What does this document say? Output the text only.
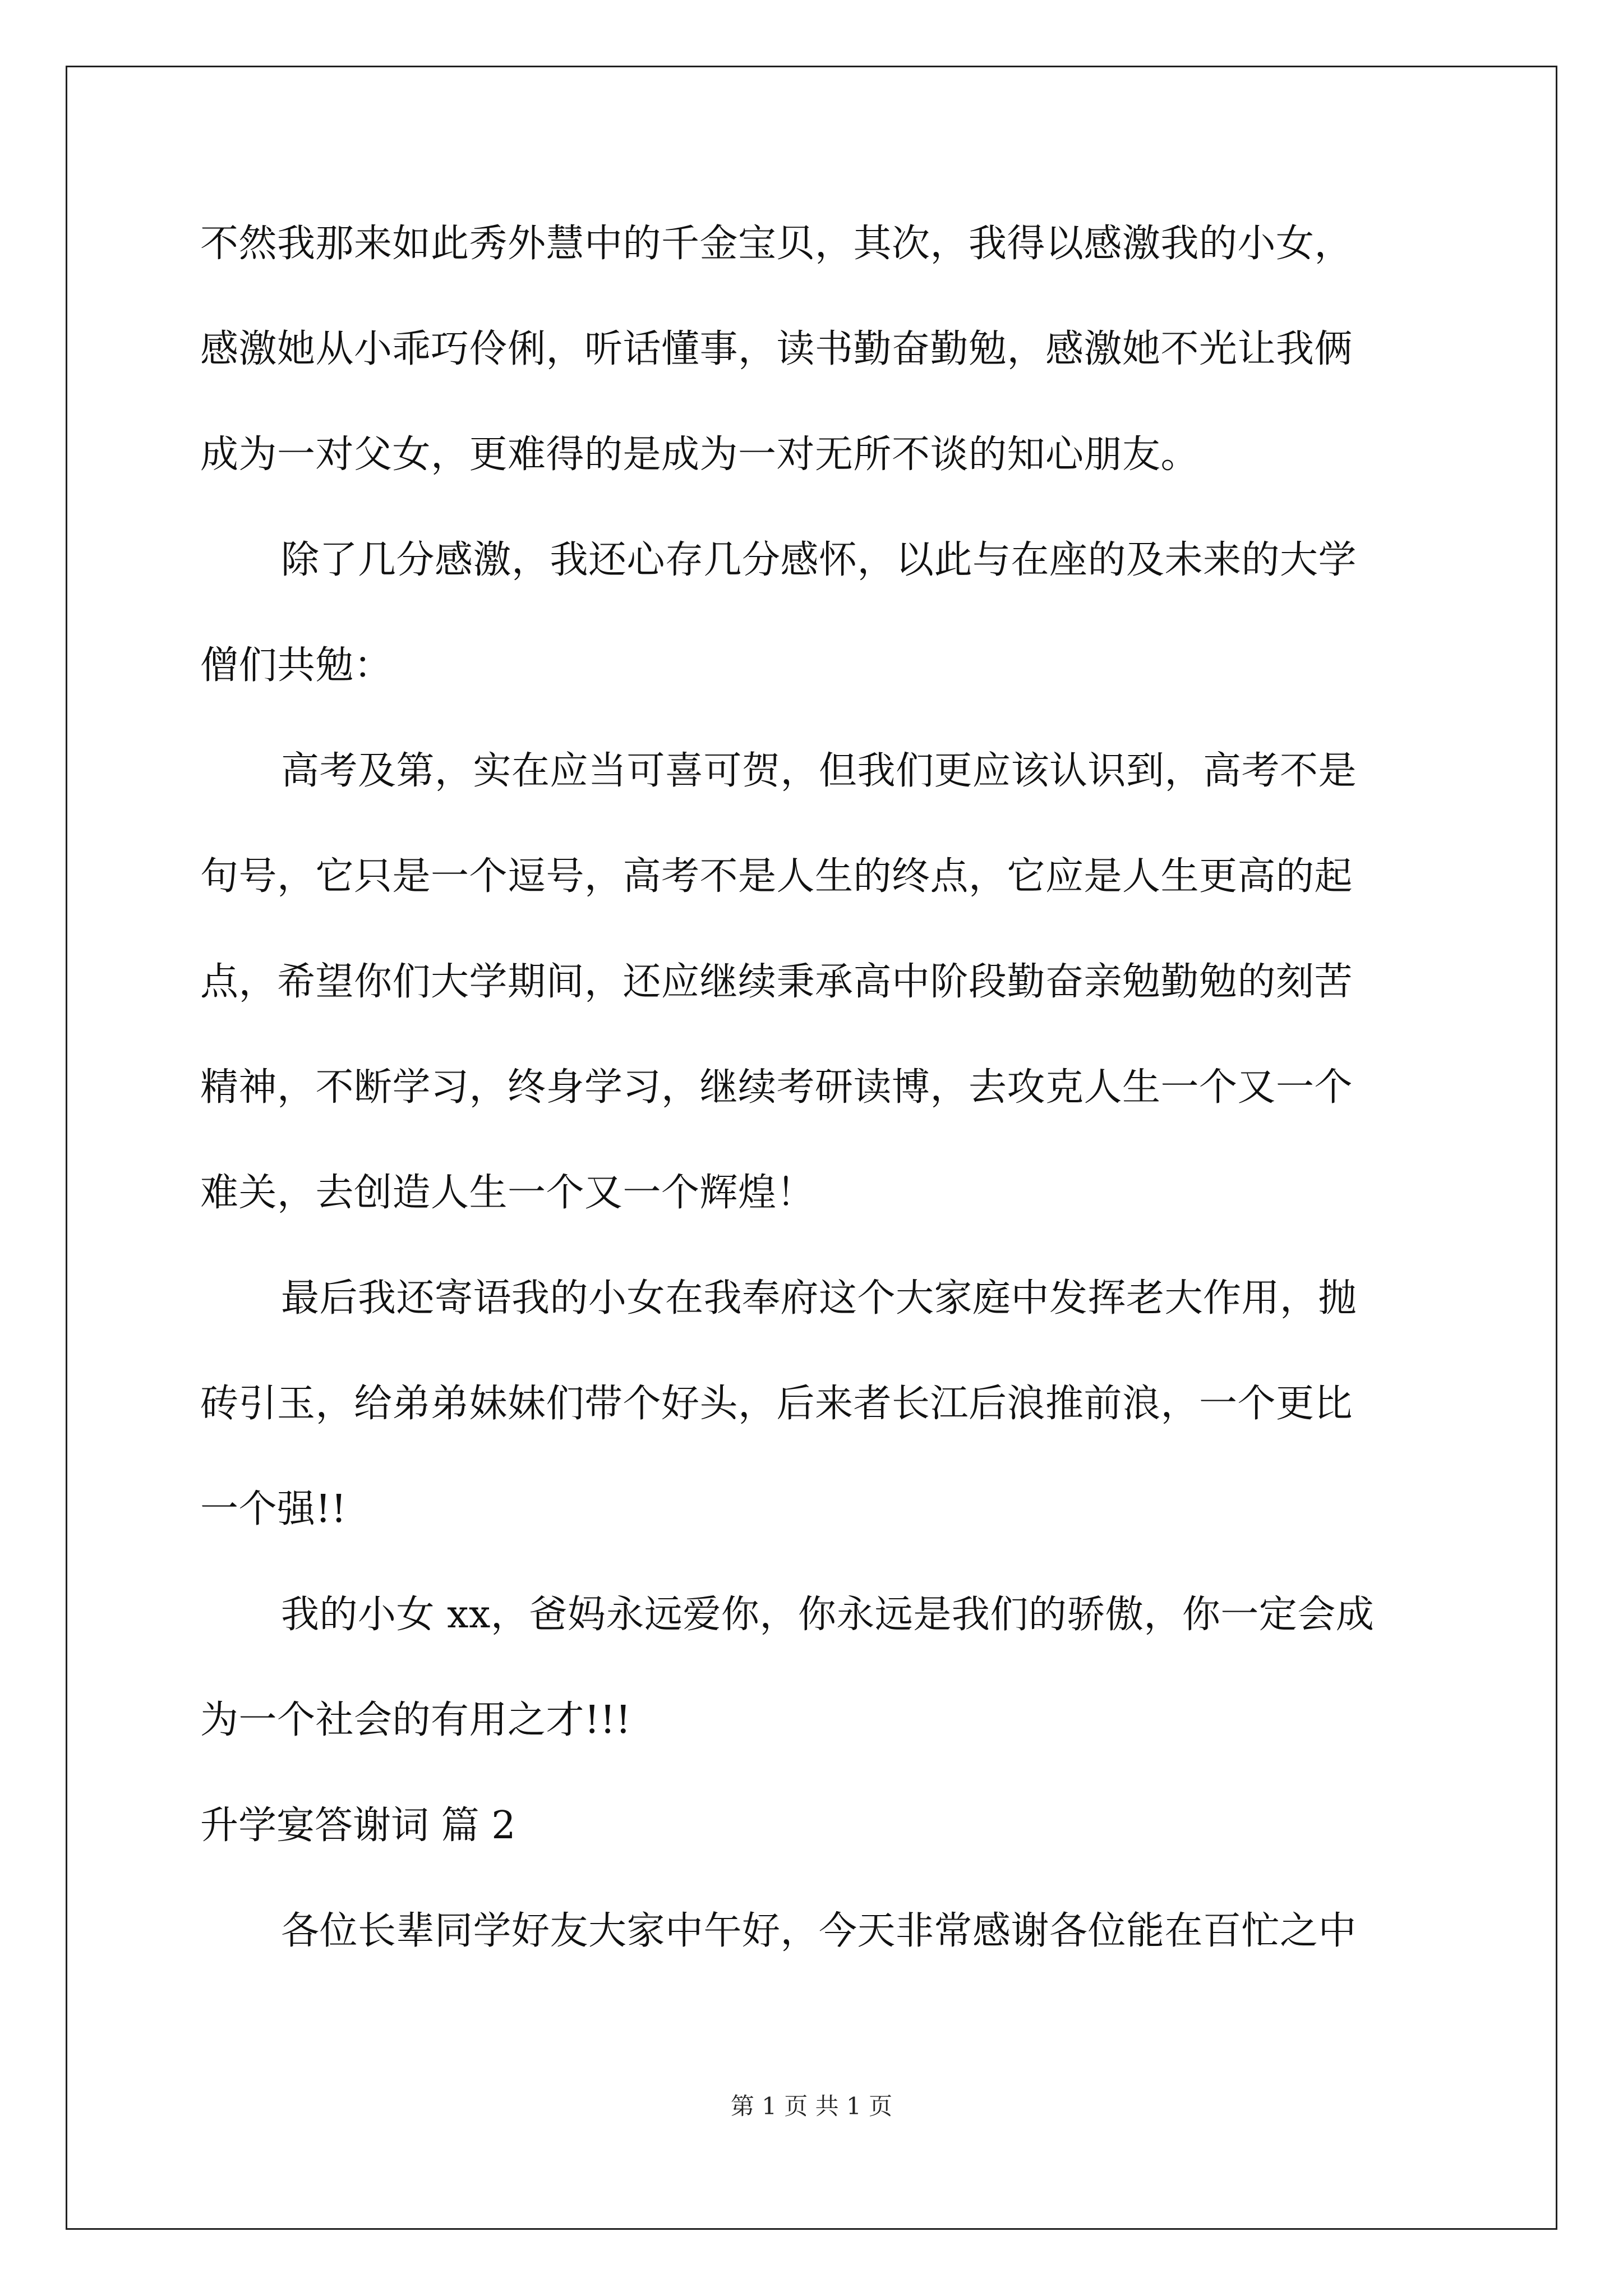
不然我那来如此秀外慧中的千金宝贝，其次，我得以感激我的小女，
感激她从小乖巧伶俐，听话懂事，读书勤奋勤勉，感激她不光让我俩
成为一对父女，更难得的是成为一对无所不谈的知心朋友。
除了几分感激，我还心存几分感怀，以此与在座的及未来的大学
僧们共勉：
高考及第，实在应当可喜可贺，但我们更应该认识到，高考不是
句号，它只是一个逗号，高考不是人生的终点，它应是人生更高的起
点，希望你们大学期间，还应继续秉承高中阶段勤奋亲勉勤勉的刻苦
精神，不断学习，终身学习，继续考研读博，去攻克人生一个又一个
难关，去创造人生一个又一个辉煌！
最后我还寄语我的小女在我奉府这个大家庭中发挥老大作用，抛
砖引玉，给弟弟妹妹们带个好头，后来者长江后浪推前浪，一个更比
一个强!!
我的小女 xx，爸妈永远爱你，你永远是我们的骄傲，你一定会成
为一个社会的有用之才!!!
升学宴答谢词 篇 2
各位长辈同学好友大家中午好，今天非常感谢各位能在百忙之中
第 1 页 共 1 页
